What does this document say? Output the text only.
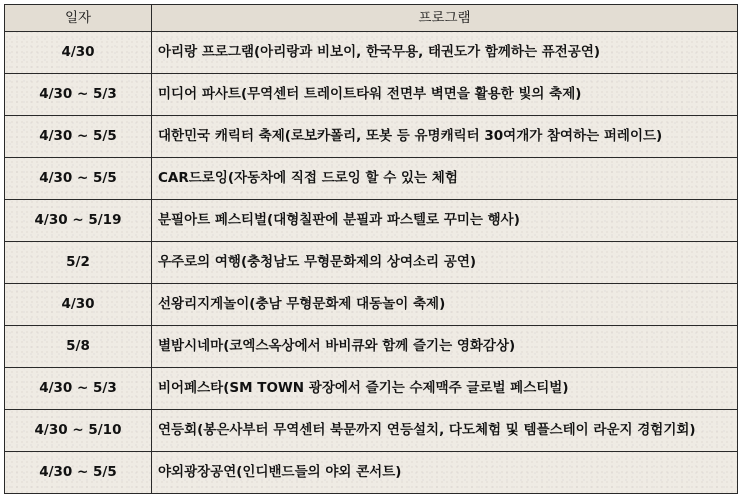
일자	프로그램
4/30	아리랑 프로그램(아리랑과 비보이, 한국무용, 태권도가 함께하는 퓨전공연)
4/30 ~ 5/3	미디어 파사트(무역센터 트레이트타워 전면부 벽면을 활용한 빛의 축제)
4/30 ~ 5/5	대한민국 캐릭터 축제(로보카폴리, 또봇 등 유명캐릭터 30여개가 참여하는 퍼레이드)
4/30 ~ 5/5	CAR드로잉(자동차에 직접 드로잉 할 수 있는 체험
4/30 ~ 5/19	분필아트 페스티벌(대형칠판에 분필과 파스텔로 꾸미는 행사)
5/2	우주로의 여행(충청남도 무형문화제의 상여소리 공연)
4/30	선왕리지게놀이(충남 무형문화제 대동놀이 축제)
5/8	별밤시네마(코엑스옥상에서 바비큐와 함께 즐기는 영화감상)
4/30 ~ 5/3	비어페스타(SM TOWN 광장에서 즐기는 수제맥주 글로벌 페스티벌)
4/30 ~ 5/10	연등회(봉은사부터 무역센터 북문까지 연등설치, 다도체험 및 템플스테이 라운지 경험기회)
4/30 ~ 5/5	야외광장공연(인디밴드들의 야외 콘서트)
